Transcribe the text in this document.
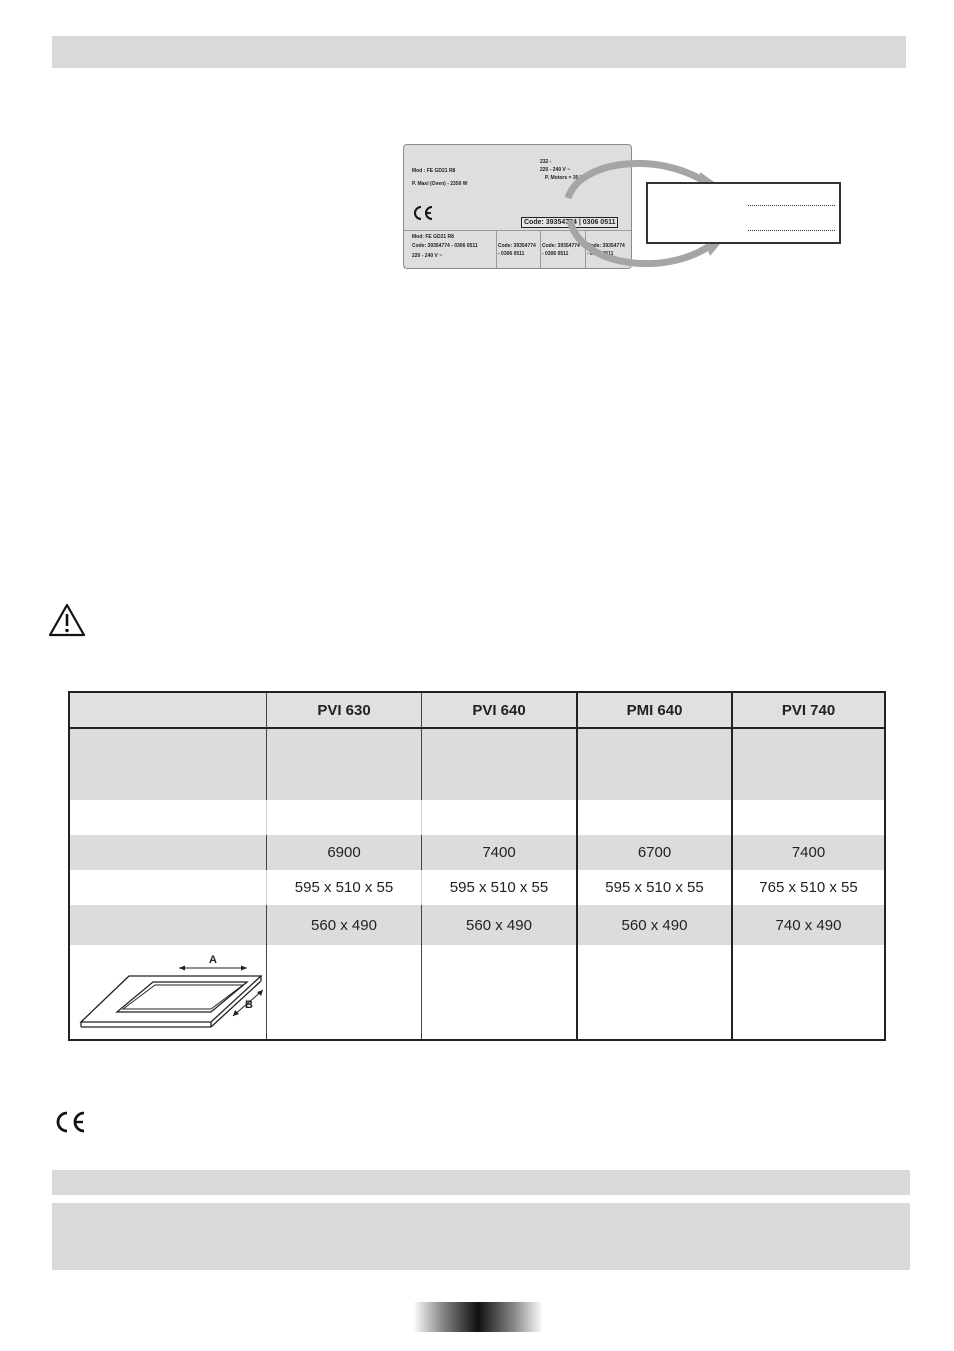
Mod : FE GD21 R8
P. Maxi (Oven) - 2350 W
232 -
220 - 240 V ~
P. Motors = 30 W
Code: 39354774 | 0306 0511
Mod: FE GD21 R8
Code: 39354774 - 0306 0511
220 - 240 V ~
Code: 39354774
- 0306 0511
Code: 39354774
- 0306 0511
Code: 39354774
- 0306 0511
PVI 630	PVI 640	PMI 640	PVI 740
6900	7400	6700	7400
595 x 510 x 55	595 x 510 x 55	595 x 510 x 55	765 x 510 x 55
560 x 490	560 x 490	560 x 490	740 x 490
A
B
